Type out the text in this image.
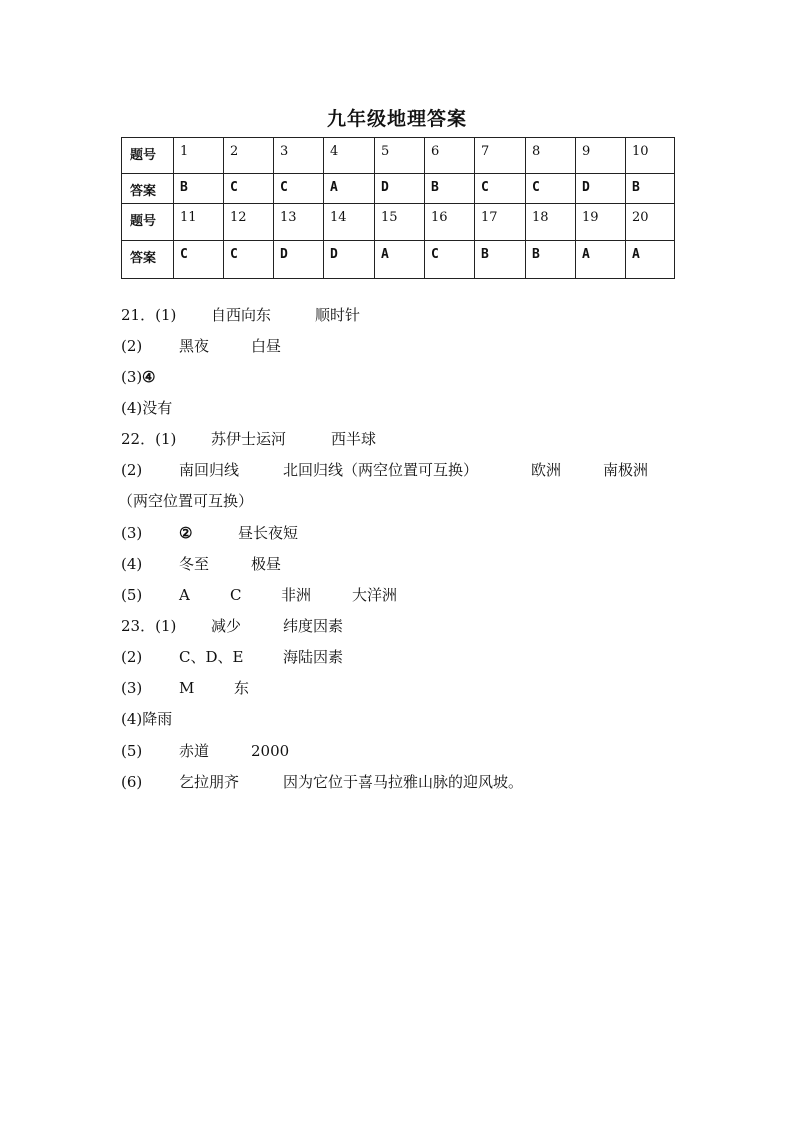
九年级地理答案
题号	1	2	3	4	5	6	7	8	9	10
答案	B	C	C	A	D	B	C	C	D	B
题号	11	12	13	14	15	16	17	18	19	20
答案	C	C	D	D	A	C	B	B	A	A
21．(1) 自西向东	顺时针
(2) 黑夜	白昼
(3) ④
(4)没有
22．(1) 苏伊士运河	西半球
(2) 南回归线	北回归线（两空位置可互换）	欧洲	南极洲
（两空位置可互换）
(3) ②	昼长夜短
(4) 冬至	极昼
(5) A	C	非洲	大洋洲
23．(1) 减少	纬度因素
(2) C、D、E	海陆因素
(3) M	东
(4)降雨
(5) 赤道	2000
(6) 乞拉朋齐	因为它位于喜马拉雅山脉的迎风坡。
